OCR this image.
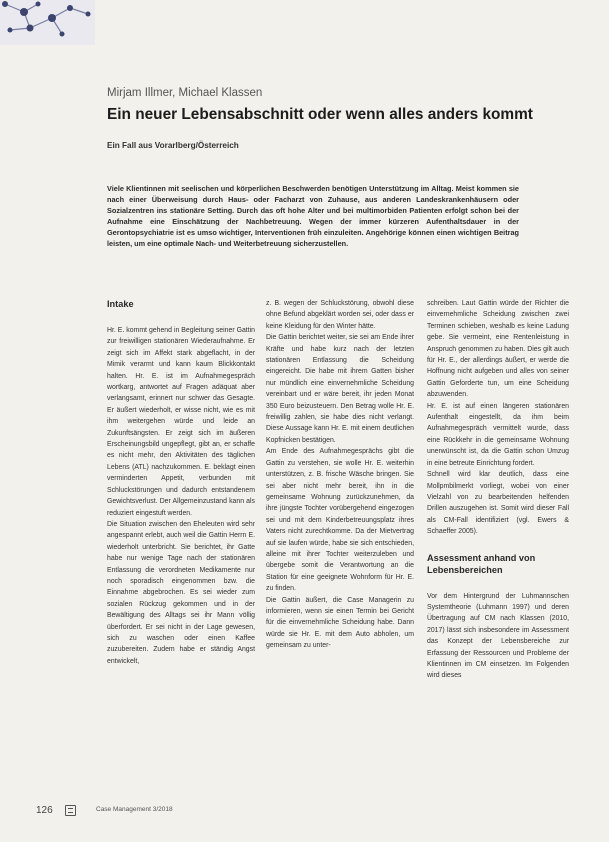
Mirjam Illmer, Michael Klassen
Ein neuer Lebensabschnitt oder wenn alles anders kommt
Ein Fall aus Vorarlberg/Österreich
Viele Klientinnen mit seelischen und körperlichen Beschwerden benötigen Unterstützung im Alltag. Meist kommen sie nach einer Überweisung durch Haus- oder Facharzt von Zuhause, aus anderen Landeskrankenhäusern oder Sozialzentren ins stationäre Setting. Durch das oft hohe Alter und bei multimorbiden Patienten erfolgt schon bei der Aufnahme eine Einschätzung der Nachbetreuung. Wegen der immer kürzeren Aufenthaltsdauer in der Gerontopsychiatrie ist es umso wichtiger, Interventionen früh einzuleiten. Angehörige können einen wichtigen Beitrag leisten, um eine optimale Nach- und Weiterbetreuung sicherzustellen.
Intake

Hr. E. kommt gehend in Begleitung seiner Gattin zur freiwilligen stationären Wiederaufnahme. Er zeigt sich im Affekt stark abgeflacht, in der Mimik verarmt und kann kaum Blickkontakt halten. Hr. E. ist im Aufnahmegespräch wortkarg, antwortet auf Fragen adäquat aber verlangsamt, erinnert nur schwer das Gesagte. Er äußert wiederholt, er wisse nicht, wie es mit ihm weitergehen würde und leide an Zukunftsängsten. Er zeigt sich im äußeren Erscheinungsbild ungepflegt, gibt an, er schaffe es nicht mehr, den Aktivitäten des täglichen Lebens (ATL) nachzukommen. E. beklagt einen verminderten Appetit, verbunden mit Schluckstörungen und dadurch entstandenem Gewichtsverlust. Der Allgemeinzustand kann als reduziert eingestuft werden.

Die Situation zwischen den Eheleuten wird sehr angespannt erlebt, auch weil die Gattin Herrn E. wiederholt unterbricht. Sie berichtet, ihr Gatte habe nur wenige Tage nach der stationären Entlassung die verordneten Medikamente nur noch sporadisch eingenommen bzw. die Einnahme abgebrochen. Es sei wieder zum sozialen Rückzug gekommen und in der Bewältigung des Alltags sei ihr Mann völlig überfordert. Er sei nicht in der Lage gewesen, sich zu waschen oder einen Kaffee zuzubereiten. Zudem habe er ständig Angst entwickelt,

z. B. wegen der Schluckstörung, obwohl diese ohne Befund abgeklärt worden sei, oder dass er keine Kleidung für den Winter hätte.

Die Gattin berichtet weiter, sie sei am Ende ihrer Kräfte und habe kurz nach der letzten stationären Entlassung die Scheidung eingereicht. Die habe mit ihrem Gatten bisher nur mündlich eine einvernehmliche Scheidung vereinbart und er wäre bereit, ihr jeden Monat 350 Euro beizusteuern. Den Betrag wolle Hr. E. freiwillig zahlen, sie habe dies nicht verlangt. Diese Aussage kann Hr. E. mit einem deutlichen Kopfnicken bestätigen.

Am Ende des Aufnahmegesprächs gibt die Gattin zu verstehen, sie wolle Hr. E. weiterhin unterstützen, z. B. frische Wäsche bringen. Sie sei aber nicht mehr bereit, ihn in die gemeinsame Wohnung zurückzunehmen, da ihre jüngste Tochter vorübergehend eingezogen sei und mit dem Kinderbetreuungsplatz ihres Vaters nicht zurechtkomme. Da der Mietvertrag auf sie laufen würde, habe sie sich entschieden, alleine mit ihrer Tochter weiterzuleben und übergebe somit die Verantwortung an die Station für eine geeignete Wohnform für Hr. E. zu finden.

Die Gattin äußert, die Case Managerin zu informieren, wenn sie einen Termin bei Gericht für die einvernehmliche Scheidung habe. Dann würde sie Hr. E. mit dem Auto abholen, um gemeinsam zu unter-

schreiben. Laut Gattin würde der Richter die einvernehmliche Scheidung zwischen zwei Terminen schieben, weshalb es keine Ladung gebe. Sie vermeint, eine Rentenleistung in Anspruch genommen zu haben. Dies gilt auch für Hr. E., der allerdings äußert, er werde die Hoffnung nicht aufgeben und alles von seiner Gattin Geforderte tun, um eine Scheidung abzuwenden.

Hr. E. ist auf einen längeren stationären Aufenthalt eingestellt, da ihm beim Aufnahmegespräch vermittelt wurde, dass eine Rückkehr in die gemeinsame Wohnung unerwünscht ist, da die Gattin schon Umzug in eine betreute Einrichtung fordert.

Schnell wird klar deutlich, dass eine Mollpmbilmerkt vorliegt, wobei von einer Vielzahl von zu bearbeitenden helfenden Drillen auszugehen ist. Somit wird dieser Fall als CM-Fall identifiziert (vgl. Ewers & Schaeffer 2005).

Assessment anhand von Lebensbereichen

Vor dem Hintergrund der Luhmannschen Systemtheorie (Luhmann 1997) und deren Übertragung auf CM nach Klassen (2010, 2017) lässt sich insbesondere im Assessment das Konzept der Lebensbereiche zur Erfassung der Ressourcen und Probleme der Klientinnen im CM einsetzen. Im Folgenden wird dieses

126	Case Management 3/2018
